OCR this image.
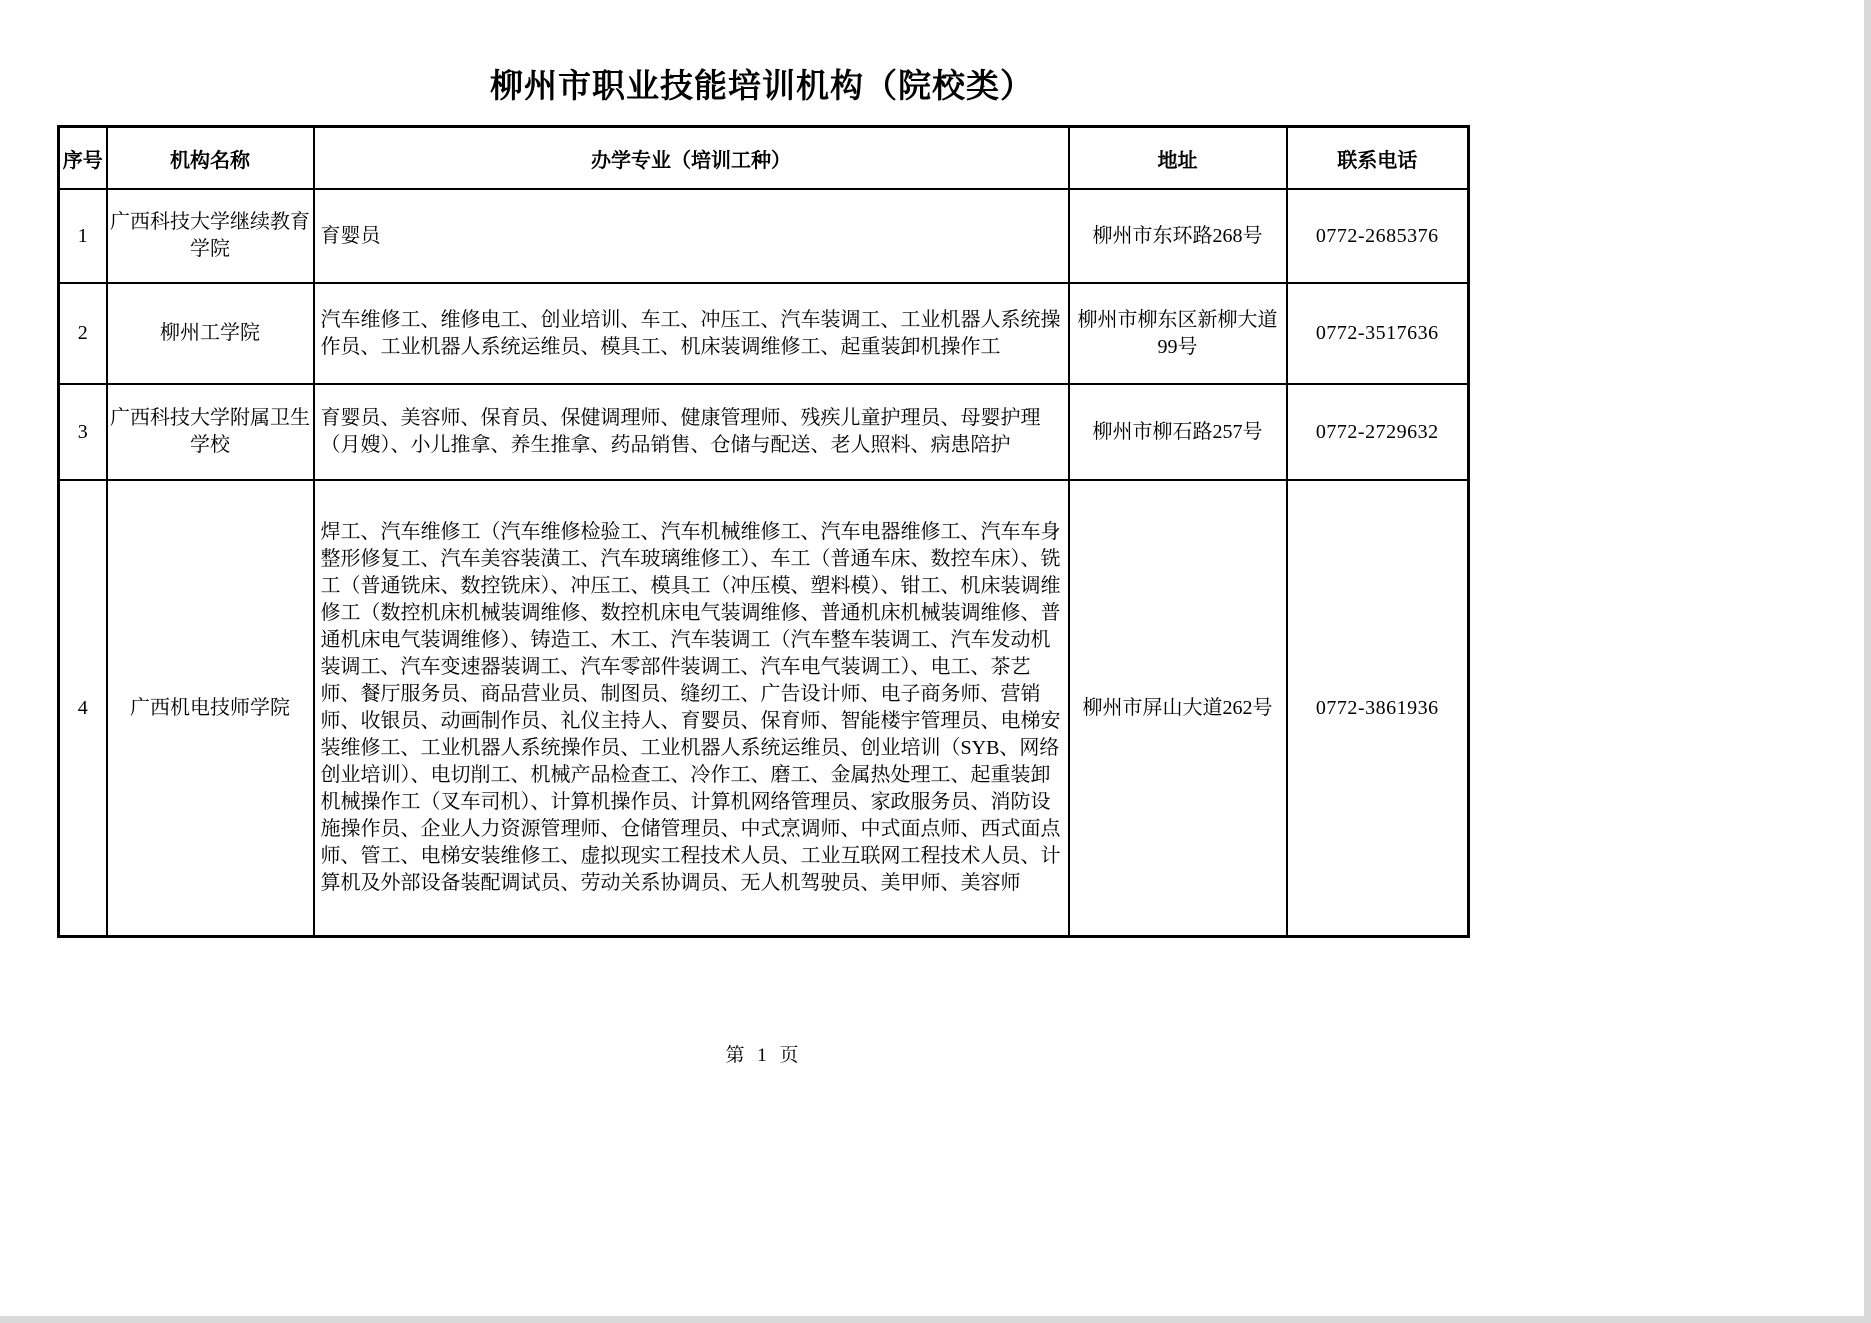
柳州市职业技能培训机构（院校类）
序号	机构名称	办学专业（培训工种）	地址	联系电话
1	广西科技大学继续教育学院	育婴员	柳州市东环路268号	0772-2685376
2	柳州工学院	汽车维修工、维修电工、创业培训、车工、冲压工、汽车装调工、工业机器人系统操作员、工业机器人系统运维员、模具工、机床装调维修工、起重装卸机操作工	柳州市柳东区新柳大道99号	0772-3517636
3	广西科技大学附属卫生学校	育婴员、美容师、保育员、保健调理师、健康管理师、残疾儿童护理员、母婴护理（月嫂）、小儿推拿、养生推拿、药品销售、仓储与配送、老人照料、病患陪护	柳州市柳石路257号	0772-2729632
4	广西机电技师学院	焊工、汽车维修工（汽车维修检验工、汽车机械维修工、汽车电器维修工、汽车车身整形修复工、汽车美容装潢工、汽车玻璃维修工）、车工（普通车床、数控车床）、铣工（普通铣床、数控铣床）、冲压工、模具工（冲压模、塑料模）、钳工、机床装调维修工（数控机床机械装调维修、数控机床电气装调维修、普通机床机械装调维修、普通机床电气装调维修）、铸造工、木工、汽车装调工（汽车整车装调工、汽车发动机装调工、汽车变速器装调工、汽车零部件装调工、汽车电气装调工）、电工、茶艺师、餐厅服务员、商品营业员、制图员、缝纫工、广告设计师、电子商务师、营销师、收银员、动画制作员、礼仪主持人、育婴员、保育师、智能楼宇管理员、电梯安装维修工、工业机器人系统操作员、工业机器人系统运维员、创业培训（SYB、网络创业培训）、电切削工、机械产品检查工、冷作工、磨工、金属热处理工、起重装卸机械操作工（叉车司机）、计算机操作员、计算机网络管理员、家政服务员、消防设施操作员、企业人力资源管理师、仓储管理员、中式烹调师、中式面点师、西式面点师、管工、电梯安装维修工、虚拟现实工程技术人员、工业互联网工程技术人员、计算机及外部设备装配调试员、劳动关系协调员、无人机驾驶员、美甲师、美容师	柳州市屏山大道262号	0772-3861936
第 1 页
